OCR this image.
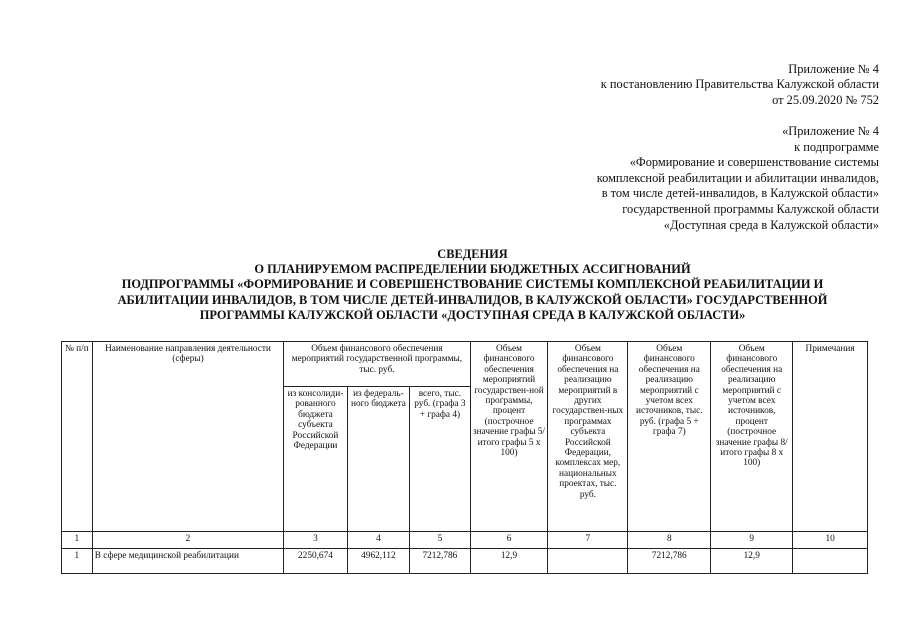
Приложение № 4
к постановлению Правительства Калужской области
от 25.09.2020 № 752
«Приложение № 4
к подпрограмме
«Формирование и совершенствование системы
комплексной реабилитации и абилитации инвалидов,
в том числе детей-инвалидов, в Калужской области»
государственной программы Калужской области
«Доступная среда в Калужской области»
СВЕДЕНИЯ
О ПЛАНИРУЕМОМ РАСПРЕДЕЛЕНИИ БЮДЖЕТНЫХ АССИГНОВАНИЙ
ПОДПРОГРАММЫ «ФОРМИРОВАНИЕ И СОВЕРШЕНСТВОВАНИЕ СИСТЕМЫ КОМПЛЕКСНОЙ РЕАБИЛИТАЦИИ И
АБИЛИТАЦИИ ИНВАЛИДОВ, В ТОМ ЧИСЛЕ ДЕТЕЙ-ИНВАЛИДОВ, В КАЛУЖСКОЙ ОБЛАСТИ» ГОСУДАРСТВЕННОЙ
ПРОГРАММЫ КАЛУЖСКОЙ ОБЛАСТИ «ДОСТУПНАЯ СРЕДА В КАЛУЖСКОЙ ОБЛАСТИ»
№ п/п	Наименование направления деятельности (сферы)	Объем финансового обеспечения мероприятий государственной программы, тыс. руб.			Объем финансового обеспечения мероприятий государствен-ной программы, процент (построчное значение графы 5/итого графы 5 x 100)	Объем финансового обеспечения на реализацию мероприятий в других государствен-ных программах субъекта Российской Федерации, комплексах мер, национальных проектах, тыс. руб.	Объем финансового обеспечения на реализацию мероприятий с учетом всех источников, тыс. руб. (графа 5 + графа 7)	Объем финансового обеспечения на реализацию мероприятий с учетом всех источников, процент (построчное значение графы 8/итого графы 8 x 100)	Примечания
		из консолиди-рованного бюджета субъекта Российской Федерации	из федераль-ного бюджета	всего, тыс. руб. (графа 3 + графа 4)					
1	2	3	4	5	6	7	8	9	10
1	В сфере медицинской реабилитации	2250,674	4962,112	7212,786	12,9		7212,786	12,9	
